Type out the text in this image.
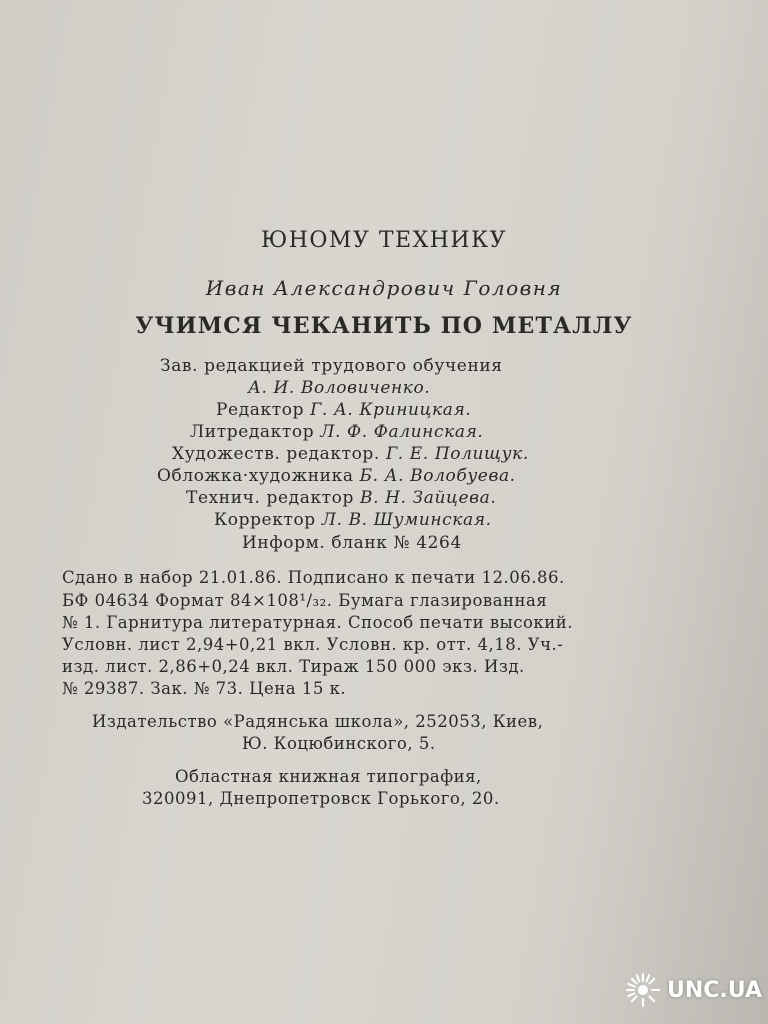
ЮНОМУ ТЕХНИКУ
Иван Александрович Головня
УЧИМСЯ ЧЕКАНИТЬ ПО МЕТАЛЛУ
Зав. редакцией трудового обучения
А. И. Воловиченко.
Редактор Г. А. Криницкая.
Литредактор Л. Ф. Фалинская.
Художеств. редактор. Г. Е. Полищук.
Обложка·художника Б. А. Волобуева.
Технич. редактор В. Н. Зайцева.
Корректор Л. В. Шуминская.
Информ. бланк № 4264
Сдано в набор 21.01.86. Подписано к печати 12.06.86.
БФ 04634 Формат 84×108¹/₃₂. Бумага глазированная
№ 1. Гарнитура литературная. Способ печати высокий.
Условн. лист 2,94+0,21 вкл. Условн. кр. отт. 4,18. Уч.-
изд. лист. 2,86+0,24 вкл. Тираж 150 000 экз. Изд.
№ 29387. Зак. № 73. Цена 15 к.
Издательство «Радянська школа», 252053, Киев,
Ю. Коцюбинского, 5.
Областная книжная типография,
320091, Днепропетровск Горького, 20.
UNC.UA
